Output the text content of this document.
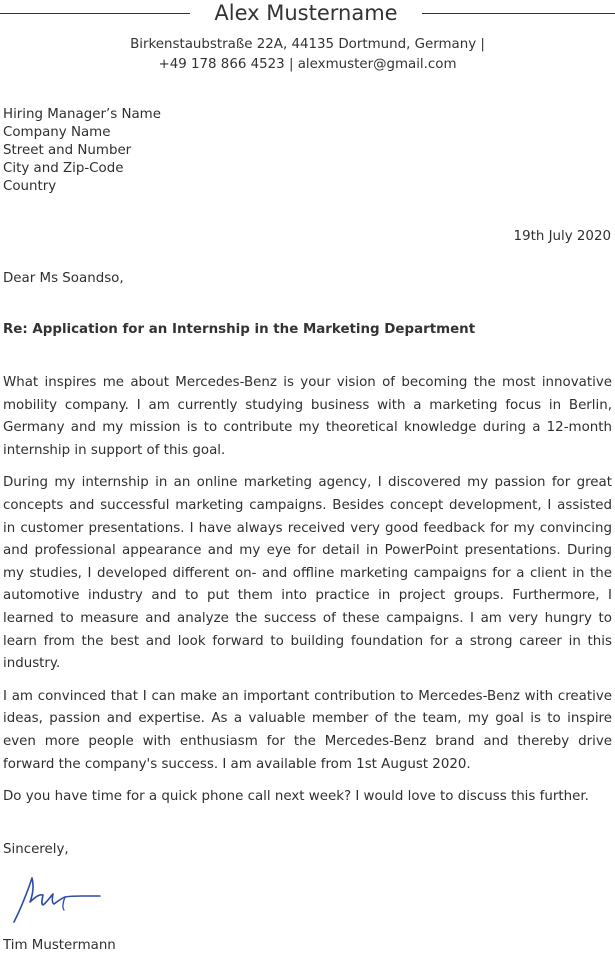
Alex Mustername
Birkenstaubstraße 22A, 44135 Dortmund, Germany |
+49 178 866 4523 | alexmuster@gmail.com
Hiring Manager’s Name
Company Name
Street and Number
City and Zip-Code
Country
19th July 2020
Dear Ms Soandso,
Re: Application for an Internship in the Marketing Department

What inspires me about Mercedes-Benz is your vision of becoming the most innovative mobility company. I am currently studying business with a marketing focus in Berlin, Germany and my mission is to contribute my theoretical knowledge during a 12-month internship in support of this goal.

During my internship in an online marketing agency, I discovered my passion for great concepts and successful marketing campaigns. Besides concept development, I assisted in customer presentations. I have always received very good feedback for my convincing and professional appearance and my eye for detail in PowerPoint presentations. During my studies, I developed different on- and offline marketing campaigns for a client in the automotive industry and to put them into practice in project groups. Furthermore, I learned to measure and analyze the success of these campaigns. I am very hungry to learn from the best and look forward to building foundation for a strong career in this industry.

I am convinced that I can make an important contribution to Mercedes-Benz with creative ideas, passion and expertise. As a valuable member of the team, my goal is to inspire even more people with enthusiasm for the Mercedes-Benz brand and thereby drive forward the company's success. I am available from 1st August 2020.

Do you have time for a quick phone call next week? I would love to discuss this further.

Sincerely,
Tim Mustermann
